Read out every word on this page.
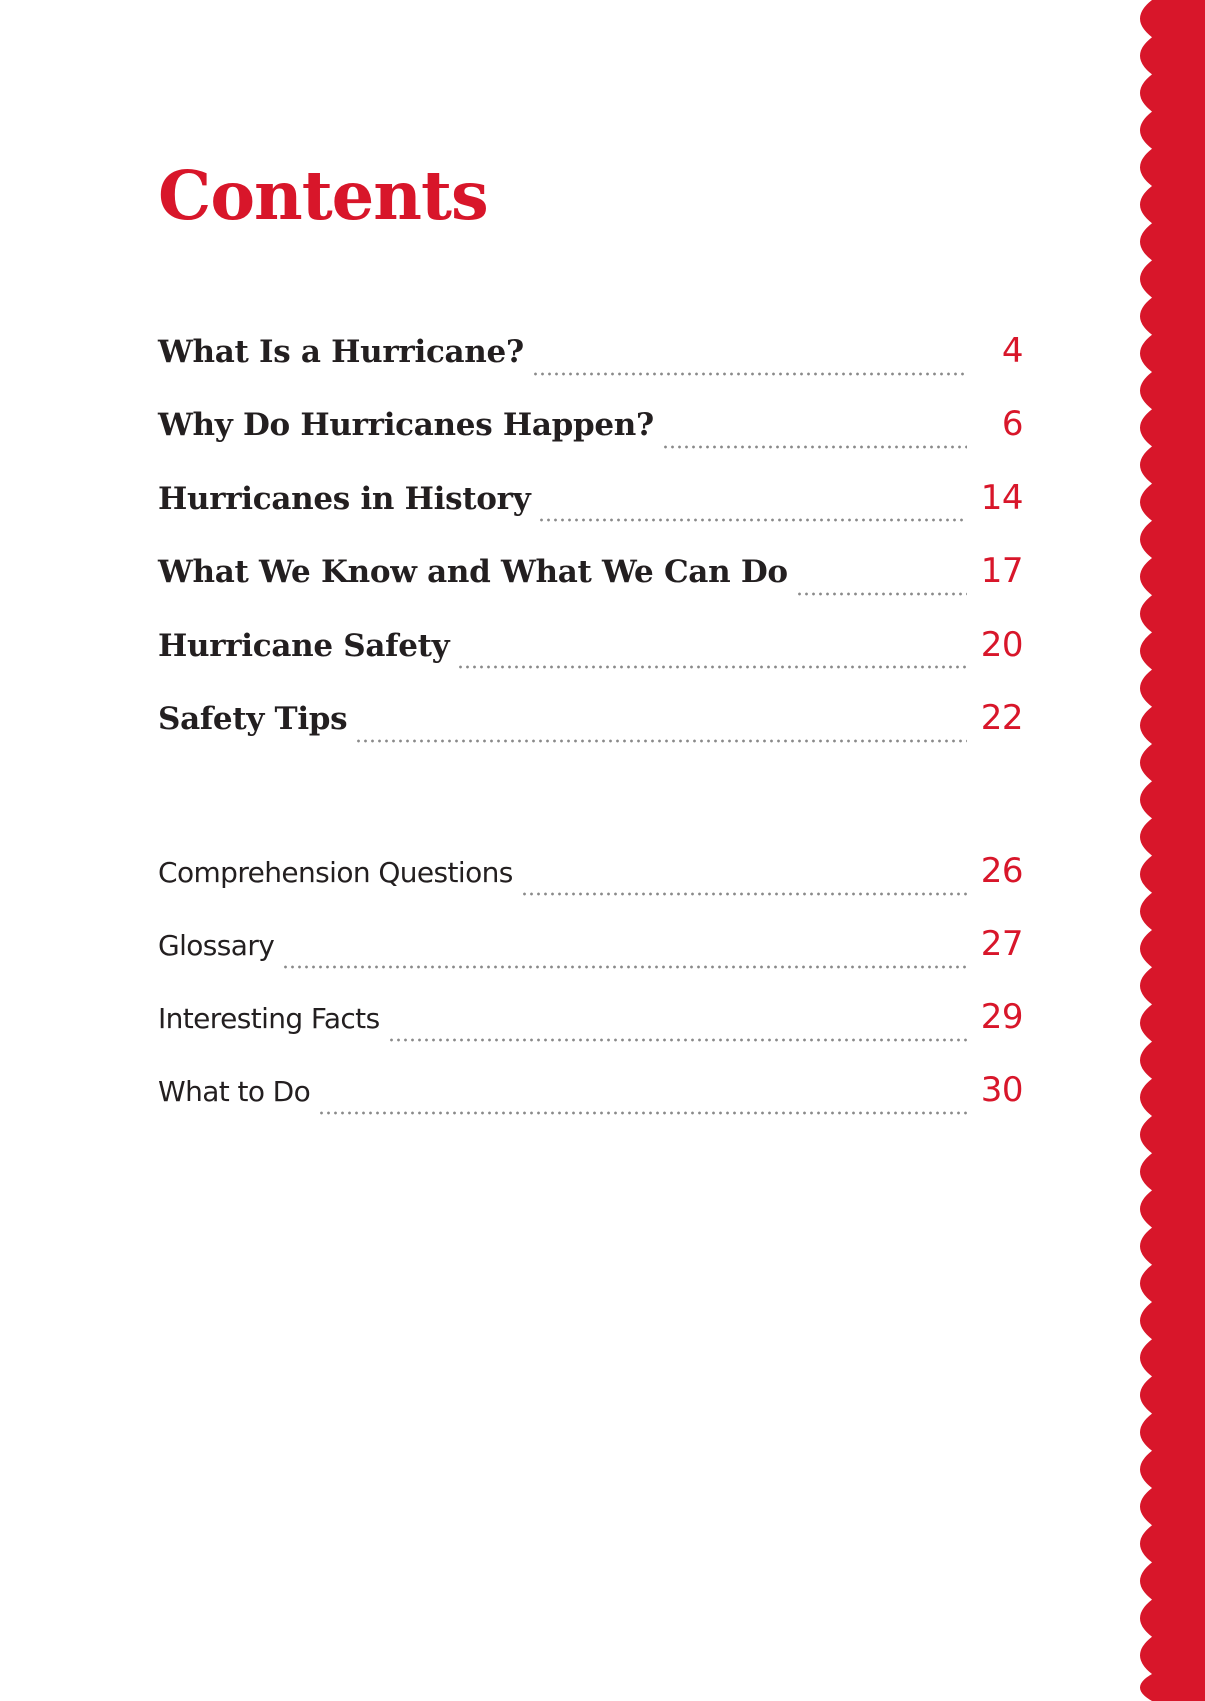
Contents
What Is a Hurricane?	4
Why Do Hurricanes Happen?	6
Hurricanes in History	14
What We Know and What We Can Do	17
Hurricane Safety	20
Safety Tips	22
Comprehension Questions	26
Glossary	27
Interesting Facts	29
What to Do	30
